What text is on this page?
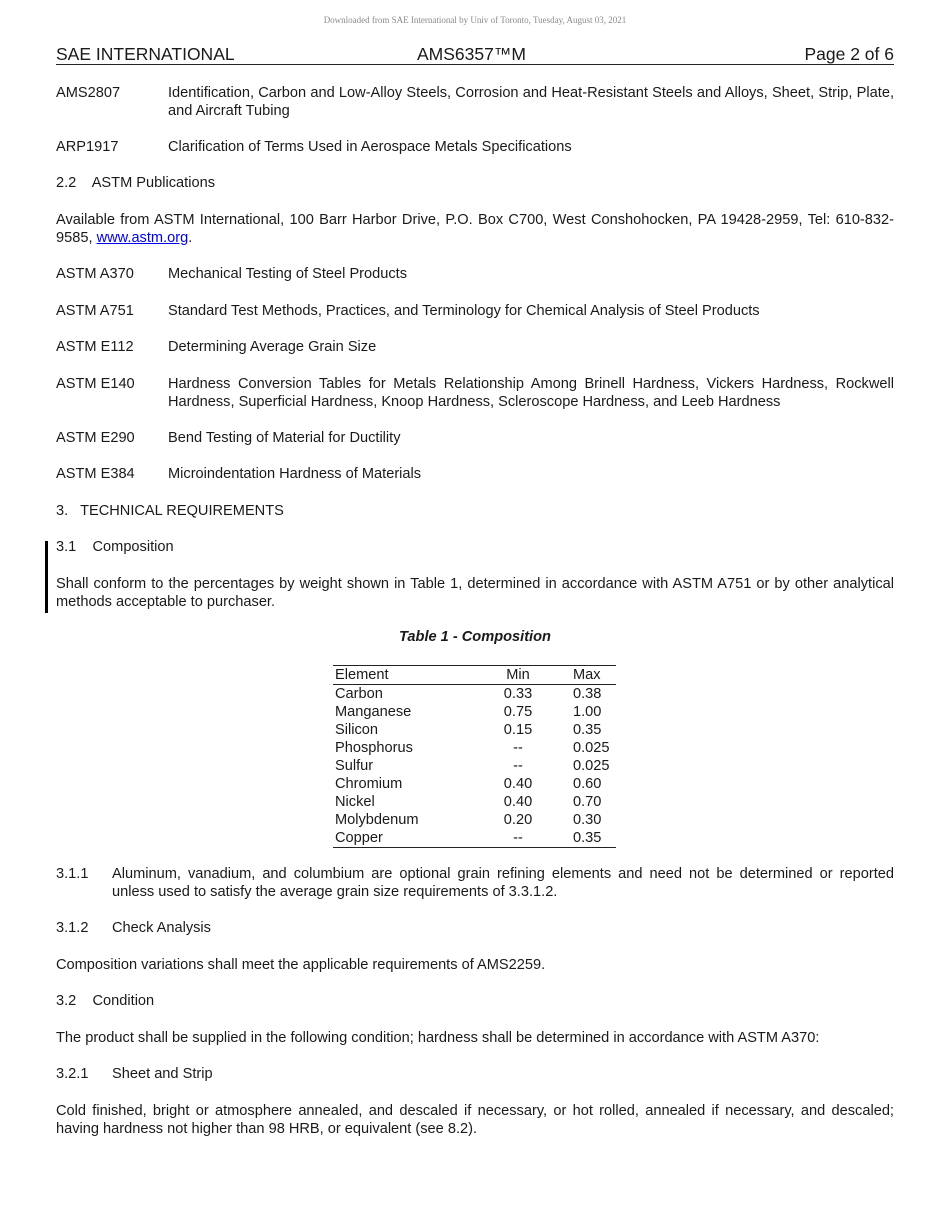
Downloaded from SAE International by Univ of Toronto, Tuesday, August 03, 2021
SAE INTERNATIONAL	AMS6357™M	Page 2 of 6
AMS2807	Identification, Carbon and Low-Alloy Steels, Corrosion and Heat-Resistant Steels and Alloys, Sheet, Strip, Plate, and Aircraft Tubing
ARP1917	Clarification of Terms Used in Aerospace Metals Specifications
2.2    ASTM Publications
Available from ASTM International, 100 Barr Harbor Drive, P.O. Box C700, West Conshohocken, PA 19428-2959, Tel: 610-832-9585, www.astm.org.
ASTM A370 Mechanical Testing of Steel Products
ASTM A751 Standard Test Methods, Practices, and Terminology for Chemical Analysis of Steel Products
ASTM E112 Determining Average Grain Size
ASTM E140 Hardness Conversion Tables for Metals Relationship Among Brinell Hardness, Vickers Hardness, Rockwell Hardness, Superficial Hardness, Knoop Hardness, Scleroscope Hardness, and Leeb Hardness
ASTM E290 Bend Testing of Material for Ductility
ASTM E384 Microindentation Hardness of Materials
3.   TECHNICAL REQUIREMENTS
3.1    Composition
Shall conform to the percentages by weight shown in Table 1, determined in accordance with ASTM A751 or by other analytical methods acceptable to purchaser.
Table 1 - Composition
Element	Min	Max
Carbon	0.33	0.38
Manganese	0.75	1.00
Silicon	0.15	0.35
Phosphorus	--	0.025
Sulfur	--	0.025
Chromium	0.40	0.60
Nickel	0.40	0.70
Molybdenum	0.20	0.30
Copper	--	0.35
3.1.1 Aluminum, vanadium, and columbium are optional grain refining elements and need not be determined or reported unless used to satisfy the average grain size requirements of 3.3.1.2.
3.1.2 Check Analysis
Composition variations shall meet the applicable requirements of AMS2259.
3.2    Condition
The product shall be supplied in the following condition; hardness shall be determined in accordance with ASTM A370:
3.2.1 Sheet and Strip
Cold finished, bright or atmosphere annealed, and descaled if necessary, or hot rolled, annealed if necessary, and descaled; having hardness not higher than 98 HRB, or equivalent (see 8.2).
